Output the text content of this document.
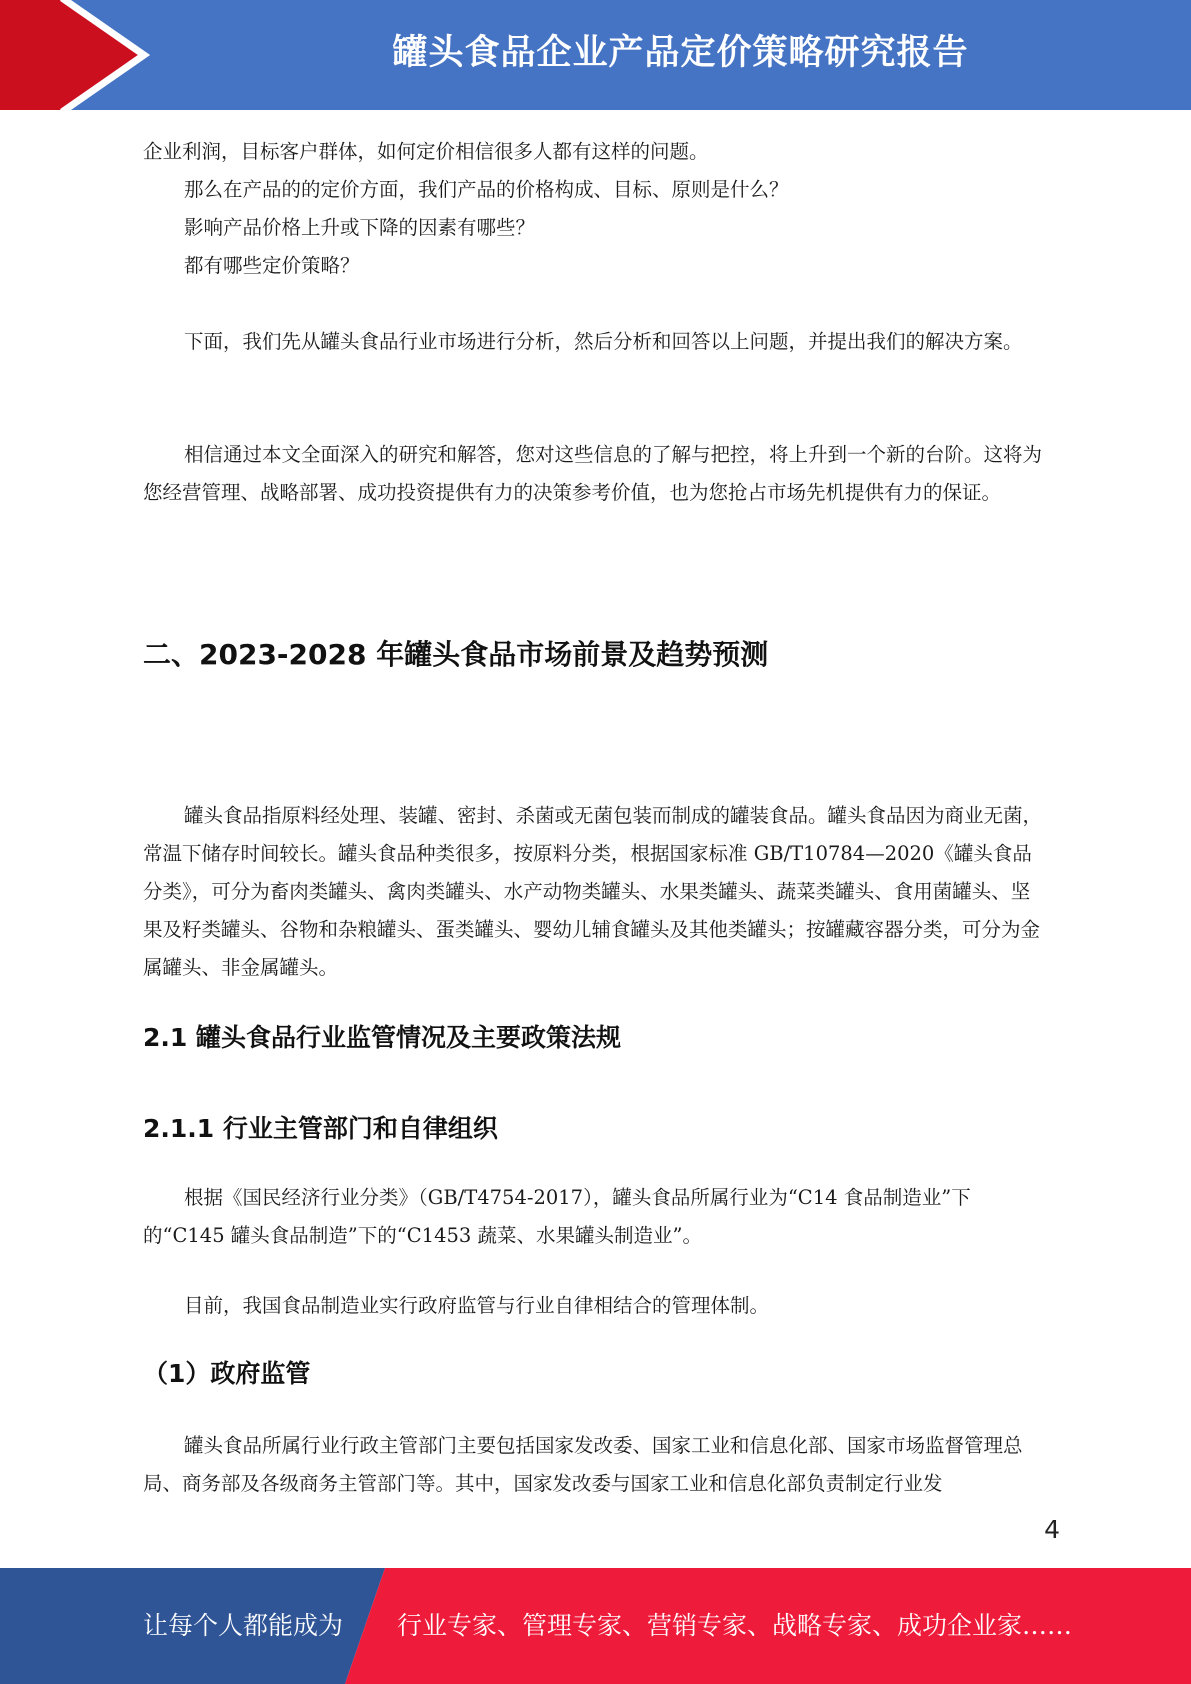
罐头食品企业产品定价策略研究报告

企业利润，目标客户群体，如何定价相信很多人都有这样的问题。

那么在产品的的定价方面，我们产品的价格构成、目标、原则是什么？

影响产品价格上升或下降的因素有哪些？

都有哪些定价策略？

下面，我们先从罐头食品行业市场进行分析，然后分析和回答以上问题，并提出我们的解决方案。

相信通过本文全面深入的研究和解答，您对这些信息的了解与把控，将上升到一个新的台阶。这将为您经营管理、战略部署、成功投资提供有力的决策参考价值，也为您抢占市场先机提供有力的保证。

二、2023-2028 年罐头食品市场前景及趋势预测

罐头食品指原料经处理、装罐、密封、杀菌或无菌包装而制成的罐装食品。罐头食品因为商业无菌，常温下储存时间较长。罐头食品种类很多，按原料分类，根据国家标准 GB/T10784—2020《罐头食品分类》，可分为畜肉类罐头、禽肉类罐头、水产动物类罐头、水果类罐头、蔬菜类罐头、食用菌罐头、坚果及籽类罐头、谷物和杂粮罐头、蛋类罐头、婴幼儿辅食罐头及其他类罐头；按罐藏容器分类，可分为金属罐头、非金属罐头。

2.1 罐头食品行业监管情况及主要政策法规
2.1.1 行业主管部门和自律组织

根据《国民经济行业分类》（GB/T4754-2017），罐头食品所属行业为“C14 食品制造业”下的“C145 罐头食品制造”下的“C1453 蔬菜、水果罐头制造业”。

目前，我国食品制造业实行政府监管与行业自律相结合的管理体制。

（1）政府监管

罐头食品所属行业行政主管部门主要包括国家发改委、国家工业和信息化部、国家市场监督管理总局、商务部及各级商务主管部门等。其中，国家发改委与国家工业和信息化部负责制定行业发

4
让每个人都能成为 行业专家、管理专家、营销专家、战略专家、成功企业家……
